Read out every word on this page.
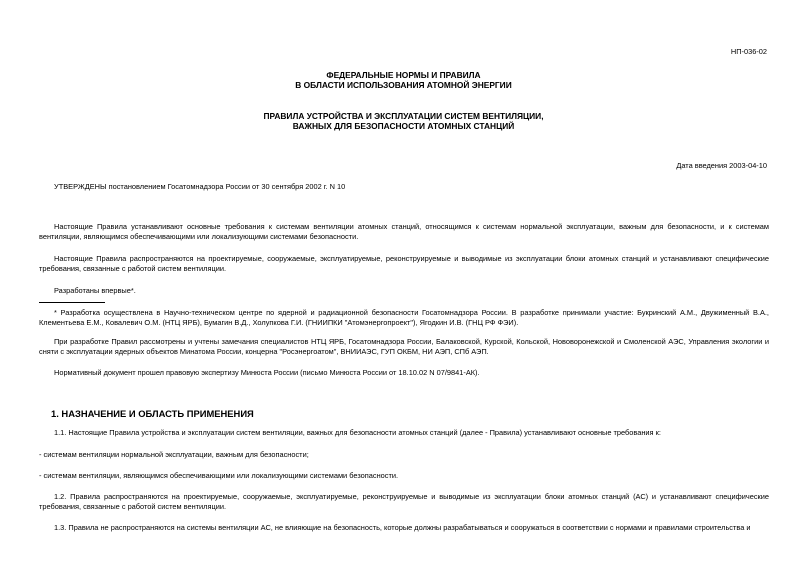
НП-036-02
ФЕДЕРАЛЬНЫЕ НОРМЫ И ПРАВИЛА
В ОБЛАСТИ ИСПОЛЬЗОВАНИЯ АТОМНОЙ ЭНЕРГИИ
ПРАВИЛА УСТРОЙСТВА И ЭКСПЛУАТАЦИИ СИСТЕМ ВЕНТИЛЯЦИИ,
ВАЖНЫХ ДЛЯ БЕЗОПАСНОСТИ АТОМНЫХ СТАНЦИЙ
Дата введения 2003-04-10
УТВЕРЖДЕНЫ постановлением Госатомнадзора России от 30 сентября 2002 г. N 10
Настоящие Правила устанавливают основные требования к системам вентиляции атомных станций, относящимся к системам нормальной эксплуатации, важным для безопасности, и к системам вентиляции, являющимся обеспечивающими или локализующими системами безопасности.
Настоящие Правила распространяются на проектируемые, сооружаемые, эксплуатируемые, реконструируемые и выводимые из эксплуатации блоки атомных станций и устанавливают специфические требования, связанные с работой систем вентиляции.
Разработаны впервые*.
* Разработка осуществлена в Научно-техническом центре по ядерной и радиационной безопасности Госатомнадзора России. В разработке принимали участие: Букринский А.М., Двужименный В.А., Клементьева Е.М., Ковалевич О.М. (НТЦ ЯРБ), Бумагин В.Д., Холупкова Г.И. (ГНИИПКИ "Атомэнергопроект"), Ягодкин И.В. (ГНЦ РФ ФЭИ).
При разработке Правил рассмотрены и учтены замечания специалистов НТЦ ЯРБ, Госатомнадзора России, Балаковской, Курской, Кольской, Нововоронежской и Смоленской АЭС, Управления экологии и сняти с эксплуатации ядерных объектов Минатома России, концерна "Росэнергоатом", ВНИИАЭС, ГУП ОКБМ, НИ АЭП, СПб АЭП.
Нормативный документ прошел правовую экспертизу Минюста России (письмо Минюста России от 18.10.02 N 07/9841-АК).
1. НАЗНАЧЕНИЕ И ОБЛАСТЬ ПРИМЕНЕНИЯ
1.1. Настоящие Правила устройства и эксплуатации систем вентиляции, важных для безопасности атомных станций (далее - Правила) устанавливают основные требования к:
- системам вентиляции нормальной эксплуатации, важным для безопасности;
- системам вентиляции, являющимся обеспечивающими или локализующими системами безопасности.
1.2. Правила распространяются на проектируемые, сооружаемые, эксплуатируемые, реконструируемые и выводимые из эксплуатации блоки атомных станций (АС) и устанавливают специфические требования, связанные с работой систем вентиляции.
1.3. Правила не распространяются на системы вентиляции АС, не влияющие на безопасность, которые должны разрабатываться и сооружаться в соответствии с нормами и правилами строительства и
